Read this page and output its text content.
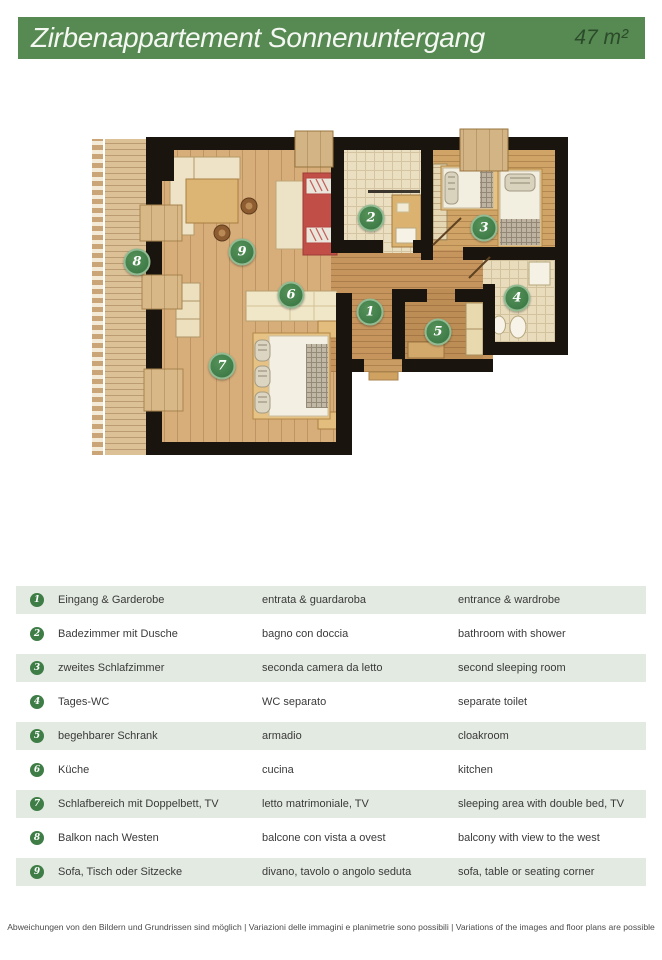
Zirbenappartement Sonnenuntergang	47 m²
1
2
3
4
5
6
7
8
9
1	Eingang & Garderobe	entrata & guardaroba	entrance & wardrobe
2	Badezimmer mit Dusche	bagno con doccia	bathroom with shower
3	zweites Schlafzimmer	seconda camera da letto	second sleeping room
4	Tages-WC	WC separato	separate toilet
5	begehbarer Schrank	armadio	cloakroom
6	Küche	cucina	kitchen
7	Schlafbereich mit Doppelbett, TV	letto matrimoniale, TV	sleeping area with double bed, TV
8	Balkon nach Westen	balcone con vista a ovest	balcony with view to the west
9	Sofa, Tisch oder Sitzecke	divano, tavolo o angolo seduta	sofa, table or seating corner
Abweichungen von den Bildern und Grundrissen sind möglich | Variazioni delle immagini e planimetrie sono possibili | Variations of the images and floor plans are possible
